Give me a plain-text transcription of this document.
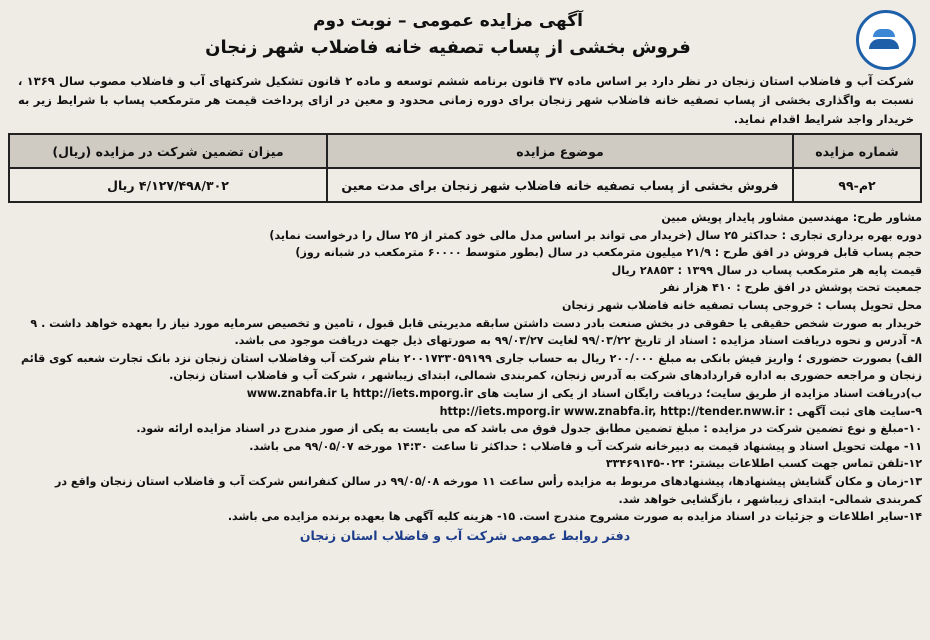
آگهی مزایده عمومی – نوبت دوم
فروش بخشی از پساب تصفیه خانه فاضلاب شهر زنجان
شرکت آب و فاضلاب استان زنجان در نظر دارد بر اساس ماده ۳۷ قانون برنامه ششم توسعه و ماده ۲ قانون تشکیل شرکتهای آب و فاضلاب مصوب سال ۱۳۶۹ ، نسبت به واگذاری بخشی از پساب تصفیه خانه فاضلاب شهر زنجان برای دوره زمانی محدود و معین در ازای پرداخت قیمت هر مترمکعب پساب با شرایط زیر به خریدار واجد شرایط اقدام نماید.
شماره مزایده	موضوع مزایده	میزان تضمین شرکت در مزایده (ریال)
۲م-۹۹	فروش بخشی از پساب تصفیه خانه فاضلاب شهر زنجان برای مدت معین	۴/۱۲۷/۴۹۸/۳۰۲ ریال
مشاور طرح: مهندسین مشاور پایدار پویش مبین
دوره بهره برداری تجاری : حداکثر ۲۵ سال (خریدار می تواند بر اساس مدل مالی خود کمتر از ۲۵ سال را درخواست نماید)
حجم پساب قابل فروش در افق طرح : ۲۱/۹ میلیون مترمکعب در سال (بطور متوسط ۶۰۰۰۰ مترمکعب در شبانه روز)
قیمت پایه هر مترمکعب پساب در سال ۱۳۹۹ : ۲۸۸۵۳ ریال
جمعیت تحت پوشش در افق طرح : ۴۱۰ هزار نفر
محل تحویل پساب : خروجی پساب تصفیه خانه فاضلاب شهر زنجان
خریدار به صورت شخص حقیقی یا حقوقی در بخش صنعت بادر دست داشتن سابقه مدیریتی قابل قبول ، تامین و تخصیص سرمایه مورد نیاز را بعهده خواهد داشت . ۹
۸- آدرس و نحوه دریافت اسناد مزایده : اسناد از تاریخ ۹۹/۰۳/۲۲ لغایت ۹۹/۰۳/۲۷ به صورتهای ذیل جهت دریافت موجود می باشد.
الف) بصورت حضوری ؛ واریز فیش بانکی به مبلغ ۲۰۰/۰۰۰ ریال به حساب جاری ۲۰۰۱۷۳۳۰۵۹۱۹۹ بنام شرکت آب وفاضلاب استان زنجان نزد بانک تجارت شعبه کوی قائم
زنجان و مراجعه حضوری به اداره قراردادهای شرکت به آدرس زنجان، کمربندی شمالی، ابتدای زیباشهر ، شرکت آب و فاضلاب استان زنجان.
ب)دریافت اسناد مزایده از طریق سایت؛ دریافت رایگان اسناد از یکی از سایت های http://iets.mporg.ir یا www.znabfa.ir
۹-سایت های ثبت آگهی : http://iets.mporg.ir www.znabfa.ir, http://tender.nww.ir
۱۰-مبلغ و نوع تضمین شرکت در مزایده : مبلغ تضمین مطابق جدول فوق می باشد که می بایست به یکی از صور مندرج در اسناد مزایده ارائه شود.
۱۱- مهلت تحویل اسناد و پیشنهاد قیمت به دبیرخانه شرکت آب و فاضلاب : حداکثر تا ساعت ۱۴:۳۰ مورخه ۹۹/۰۵/۰۷ می باشد.
۱۲-تلفن تماس جهت کسب اطلاعات بیشتر: ۰۲۴-۳۳۴۶۹۱۴۵
۱۳-زمان و مکان گشایش پیشنهادها، پیشنهادهای مربوط به مزایده رأس ساعت ۱۱ مورخه ۹۹/۰۵/۰۸ در سالن کنفرانس شرکت آب و فاضلاب استان زنجان واقع در
کمربندی شمالی- ابتدای زیباشهر ، بازگشایی خواهد شد.
۱۴-سایر اطلاعات و جزئیات در اسناد مزایده به صورت مشروح مندرج است. ۱۵- هزینه کلیه آگهی ها بعهده برنده مزایده می باشد.
دفتر روابط عمومی شرکت آب و فاضلاب استان زنجان
